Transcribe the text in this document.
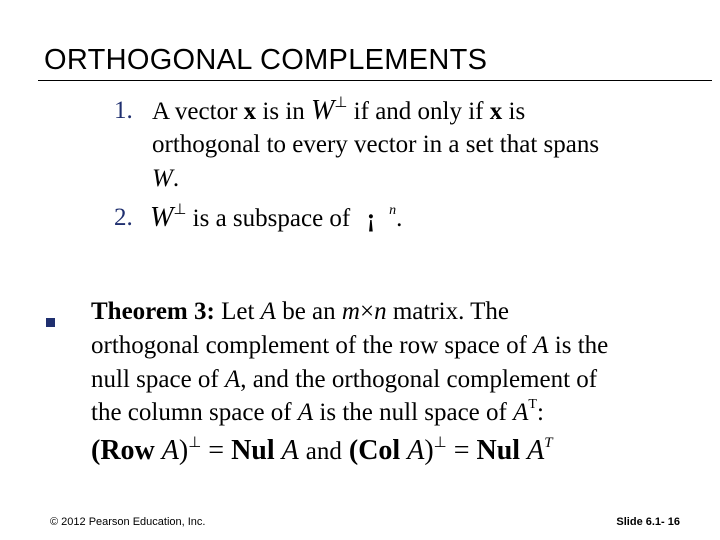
ORTHOGONAL COMPLEMENTS
1. A vector x is in W⊥ if and only if x is
orthogonal to every vector in a set that spans
W.
2. W⊥ is a subspace of ¡ $^n$.
Theorem 3: Let A be an m×n matrix. The
orthogonal complement of the row space of A is the
null space of A, and the orthogonal complement of
the column space of A is the null space of $A^T$:
(Row A)⊥ = Nul A and (Col A)⊥ = Nul $A^T$
© 2012 Pearson Education, Inc.	Slide 6.1- 16
